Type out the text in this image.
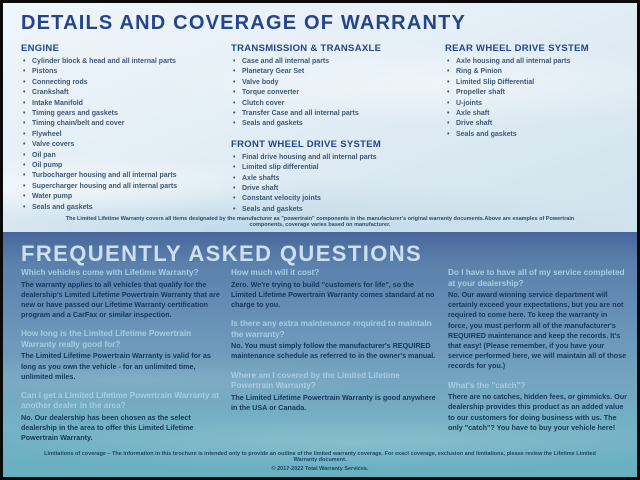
DETAILS AND COVERAGE OF WARRANTY
ENGINE
• Cylinder block & head and all internal parts
• Pistons
• Connecting rods
• Crankshaft
• Intake Manifold
• Timing gears and gaskets
• Timing chain/belt and cover
• Flywheel
• Valve covers
• Oil pan
• Oil pump
• Turbocharger housing and all internal parts
• Supercharger housing and all internal parts
• Water pump
• Seals and gaskets
TRANSMISSION & TRANSAXLE
• Case and all internal parts
• Planetary Gear Set
• Valve body
• Torque converter
• Clutch cover
• Transfer Case and all internal parts
• Seals and gaskets
FRONT WHEEL DRIVE SYSTEM
• Final drive housing and all internal parts
• Limited slip differential
• Axle shafts
• Drive shaft
• Constant velocity joints
• Seals and gaskets
REAR WHEEL DRIVE SYSTEM
• Axle housing and all internal parts
• Ring & Pinion
• Limited Slip Differential
• Propeller shaft
• U-joints
• Axle shaft
• Drive shaft
• Seals and gaskets
The Limited Lifetime Warranty covers all items designated by the manufacturer as "powertrain" components in the manufacturer's original warranty documents.Above are examples of Powertrain components, coverage varies based on manufacturer.
FREQUENTLY ASKED QUESTIONS
Which vehicles come with Lifetime Warranty?
The warranty applies to all vehicles that qualify for the dealership's Limited Lifetime Powertrain Warranty that are new or have passed our Lifetime Warranty certification program and a CarFax or similar inspection.
How long is the Limited Lifetime Powertrain Warranty really good for?
The Limited Lifetime Powertrain Warranty is valid for as long as you own the vehicle - for an unlimited time, unlimited miles.
Can I get a Limited Lifetime Powertrain Warranty at another dealer in the area?
No. Our dealership has been chosen as the select dealership in the area to offer this Limited Lifetime Powertrain Warranty.
How much will it cost?
Zero. We're trying to build "customers for life", so the Limited Lifetime Powertrain Warranty comes standard at no charge to you.
Is there any extra maintenance required to maintain the warranty?
No. You must simply follow the manufacturer's REQUIRED maintenance schedule as referred to in the owner's manual.
Where am I covered by the Limited Lifetime Powertrain Warranty?
The Limited Lifetime Powertrain Warranty is good anywhere in the USA or Canada.
Do I have to have all of my service completed at your dealership?
No. Our award winning service department will certainly exceed your expectations, but you are not required to come here. To keep the warranty in force, you must perform all of the manufacturer's REQUIRED maintenance and keep the records. It's that easy! (Please remember, if you have your service performed here, we will maintain all of those records for you.)
What's the "catch"?
There are no catches, hidden fees, or gimmicks. Our dealership provides this product as an added value to our customers for doing business with us. The only "catch"? You have to buy your vehicle here!
Limitations of coverage – The information in this brochure is intended only to provide an outline of the limited warranty coverage. For exact coverage, exclusion and limitations, please review the Lifetime Limited Warranty document.
© 2017-2022 Total Warranty Services.
